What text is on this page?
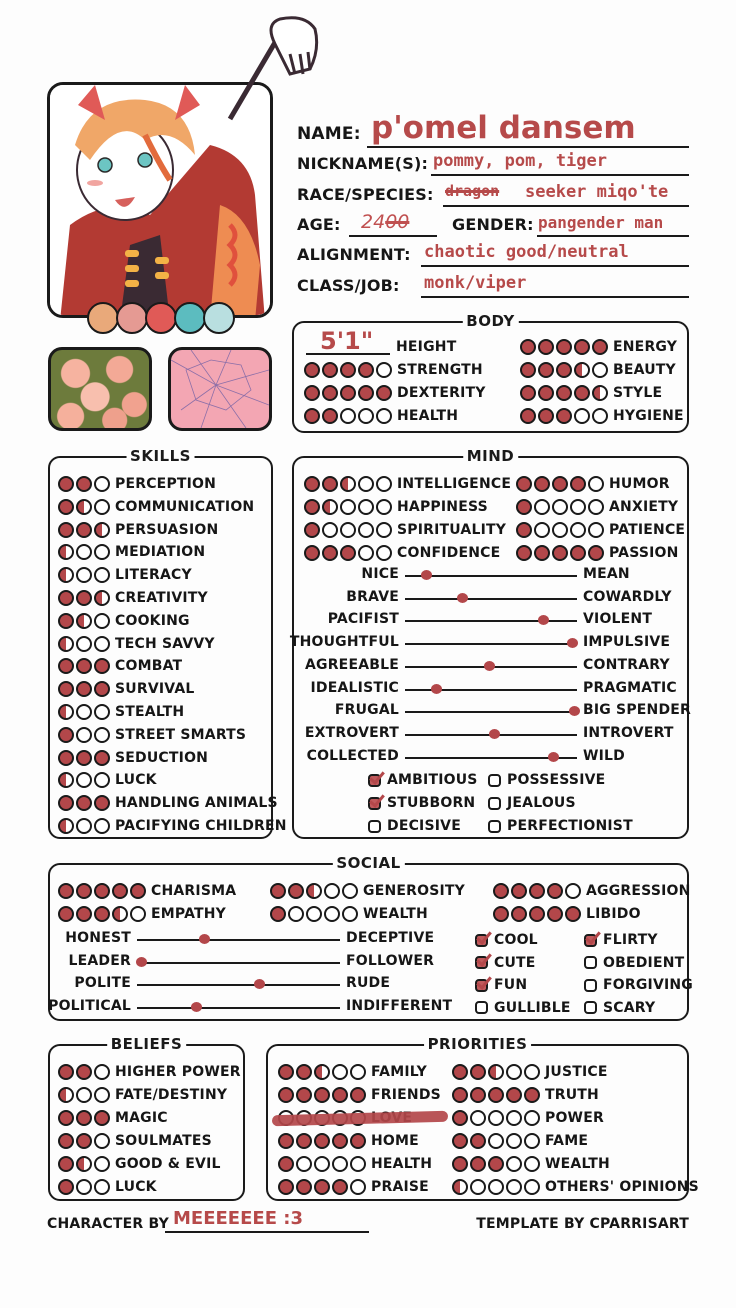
NAME: p'omel dansem
NICKNAME(S): pommy, pom, tiger
RACE/SPECIES: dragon seeker miqo'te
AGE: 2400	GENDER: pangender man
ALIGNMENT: chaotic good/neutral
CLASS/JOB: monk/viper
BODY
5'1" HEIGHT
STRENGTH
DEXTERITY
HEALTH
ENERGY
BEAUTY
STYLE
HYGIENE
SKILLS
PERCEPTION
COMMUNICATION
PERSUASION
MEDIATION
LITERACY
CREATIVITY
COOKING
TECH SAVVY
COMBAT
SURVIVAL
STEALTH
STREET SMARTS
SEDUCTION
LUCK
HANDLING ANIMALS
PACIFYING CHILDREN
MIND
INTELLIGENCE
HAPPINESS
SPIRITUALITY
CONFIDENCE
HUMOR
ANXIETY
PATIENCE
PASSION
NICE	MEAN
BRAVE	COWARDLY
PACIFIST	VIOLENT
THOUGHTFUL	IMPULSIVE
AGREEABLE	CONTRARY
IDEALISTIC	PRAGMATIC
FRUGAL	BIG SPENDER
EXTROVERT	INTROVERT
COLLECTED	WILD
AMBITIOUS
STUBBORN
DECISIVE
POSSESSIVE
JEALOUS
PERFECTIONIST
SOCIAL
CHARISMA
EMPATHY
GENEROSITY
WEALTH
AGGRESSION
LIBIDO
HONEST	DECEPTIVE
LEADER	FOLLOWER
POLITE	RUDE
POLITICAL	INDIFFERENT
COOL
CUTE
FUN
GULLIBLE
FLIRTY
OBEDIENT
FORGIVING
SCARY
BELIEFS
HIGHER POWER
FATE/DESTINY
MAGIC
SOULMATES
GOOD & EVIL
LUCK
PRIORITIES
FAMILY
FRIENDS
HOME
HEALTH
PRAISE
JUSTICE
TRUTH
POWER
FAME
WEALTH
OTHERS' OPINIONS
CHARACTER BY MEEEEEEE :3	TEMPLATE BY CPARRISART
